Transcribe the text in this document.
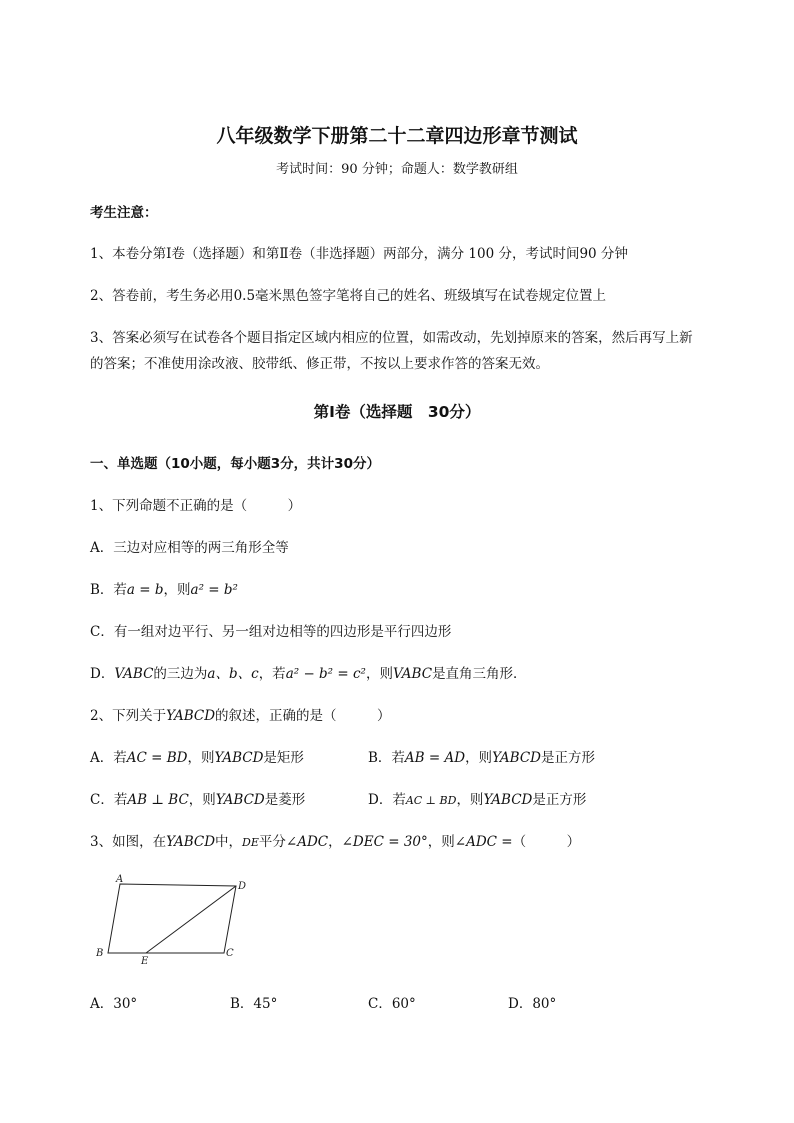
八年级数学下册第二十二章四边形章节测试
考试时间：90 分钟；命题人：数学教研组
考生注意：
1、本卷分第Ⅰ卷（选择题）和第Ⅱ卷（非选择题）两部分，满分 100 分，考试时间90 分钟
2、答卷前，考生务必用0.5毫米黑色签字笔将自己的姓名、班级填写在试卷规定位置上
3、答案必须写在试卷各个题目指定区域内相应的位置，如需改动，先划掉原来的答案，然后再写上新
的答案；不准使用涂改液、胶带纸、修正带，不按以上要求作答的答案无效。
第Ⅰ卷（选择题　30分）
一、单选题（10小题，每小题3分，共计30分）
1、下列命题不正确的是（　　　）
A．三边对应相等的两三角形全等
B．若a = b，则a² = b²
C．有一组对边平行、另一组对边相等的四边形是平行四边形
D．VABC的三边为a、b、c，若a² − b² = c²，则VABC是直角三角形．
2、下列关于YABCD的叙述，正确的是（　　　）
A．若AC = BD，则YABCD是矩形	B．若AB = AD，则YABCD是正方形
C．若AB ⊥ BC，则YABCD是菱形	D．若AC ⊥ BD，则YABCD是正方形
3、如图，在YABCD中，DE平分∠ADC，∠DEC = 30°，则∠ADC =（　　　）
A
D
B	C
E
A．30°	B．45°	C．60°	D．80°
